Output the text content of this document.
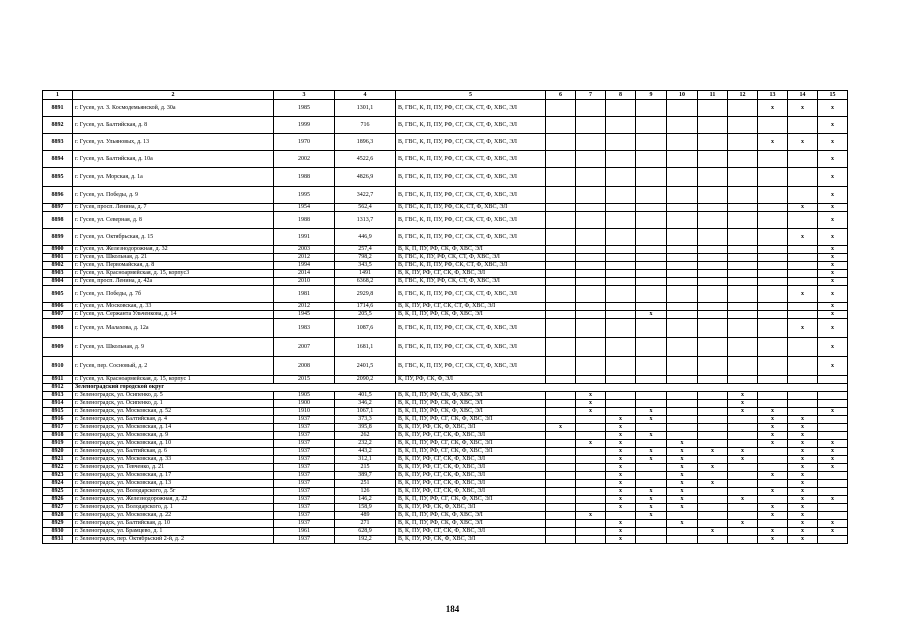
1	2	3	4	5	6	7	8	9	10	11	12	13	14	15
8891	г. Гусев, ул. З. Космодемьянской, д. 30а	1985	1301,1	В, ГВС, К, П, ПУ, РФ, СГ, СК, СТ, Ф, ХВС, ЭЛ								х	х	х
8892	г. Гусев, ул. Балтийская, д. 8	1999	716	В, ГВС, К, П, ПУ, РФ, СГ, СК, СТ, Ф, ХВС, ЭЛ										х
8893	г. Гусев, ул. Ульяновых, д. 13	1970	1896,3	В, ГВС, К, П, ПУ, РФ, СГ, СК, СТ, Ф, ХВС, ЭЛ								х	х	х
8894	г. Гусев, ул. Балтийская, д. 10а	2002	4522,6	В, ГВС, К, П, ПУ, РФ, СГ, СК, СТ, Ф, ХВС, ЭЛ										х
8895	г. Гусев, ул. Морская, д. 1а	1988	4826,9	В, ГВС, К, П, ПУ, РФ, СГ, СК, СТ, Ф, ХВС, ЭЛ										х
8896	г. Гусев, ул. Победы, д. 9	1995	3422,7	В, ГВС, К, П, ПУ, РФ, СГ, СК, СТ, Ф, ХВС, ЭЛ										х
8897	г. Гусев, просп. Ленина, д. 7	1954	562,4	В, ГВС, К, П, ПУ, РФ, СК, СТ, Ф, ХВС, ЭЛ									х	х
8898	г. Гусев, ул. Северная, д. 8	1988	1313,7	В, ГВС, К, П, ПУ, РФ, СГ, СК, СТ, Ф, ХВС, ЭЛ										х
8899	г. Гусев, ул. Октябрьская, д. 15	1991	446,9	В, ГВС, К, П, ПУ, РФ, СГ, СК, СТ, Ф, ХВС, ЭЛ									х	х
8900	г. Гусев, ул. Железнодорожная, д. 32	2003	257,4	В, К, П, ПУ, РФ, СК, Ф, ХВС, ЭЛ										х
8901	г. Гусев, ул. Школьная, д. 21	2012	798,2	В, ГВС, К, ПУ, РФ, СК, СТ, Ф, ХВС, ЭЛ										х
8902	г. Гусев, ул. Первомайская, д. 8	1994	343,5	В, ГВС, К, П, ПУ, РФ, СК, СТ, Ф, ХВС, ЭЛ										х
8903	г. Гусев, ул. Красноармейская, д. 15, корпус3	2014	1491	В, К, ПУ, РФ, СГ, СК, Ф, ХВС, ЭЛ										х
8904	г. Гусев, просп. Ленина, д. 42а	2010	6368,2	В, ГВС, К, ПУ, РФ, СК, СТ, Ф, ХВС, ЭЛ										х
8905	г. Гусев, ул. Победы, д. 7б	1981	2929,8	В, ГВС, К, П, ПУ, РФ, СГ, СК, СТ, Ф, ХВС, ЭЛ									х	х
8906	г. Гусев, ул. Московская, д. 33	2012	1714,6	В, К, ПУ, РФ, СГ, СК, СТ, Ф, ХВС, ЭЛ										х
8907	г. Гусев, ул. Сержанта Ульченкова, д. 14	1945	205,5	В, К, П, ПУ, РФ, СК, Ф, ХВС, ЭЛ				х						х
8908	г. Гусев, ул. Малахова, д. 12а	1983	1087,6	В, ГВС, К, П, ПУ, РФ, СГ, СК, СТ, Ф, ХВС, ЭЛ									х	х
8909	г. Гусев, ул. Школьная, д. 9	2007	1681,1	В, ГВС, К, П, ПУ, РФ, СГ, СК, СТ, Ф, ХВС, ЭЛ										х
8910	г. Гусев, пер. Сосновый, д. 2	2008	2401,5	В, ГВС, К, П, ПУ, РФ, СГ, СК, СТ, Ф, ХВС, ЭЛ										х
8911	г. Гусев, ул. Красноармейская, д. 15, корпус 1	2015	2090,2	К, ПУ, РФ, СК, Ф, ЭЛ										
8912	Зеленоградский городской округ													
8913	г. Зеленоградск, ул. Осипенко, д. 5	1905	401,5	В, К, П, ПУ, РФ, СК, Ф, ХВС, ЭЛ		х					х			
8914	г. Зеленоградск, ул. Осипенко, д. 1	1900	346,2	В, К, П, ПУ, РФ, СК, Ф, ХВС, ЭЛ		х					х			
8915	г. Зеленоградск, ул. Московская, д. 52	1910	1067,1	В, К, П, ПУ, РФ, СК, Ф, ХВС, ЭЛ		х		х			х	х		х
8916	г. Зеленоградск, ул. Балтийская, д. 4	1937	373,3	В, К, П, ПУ, РФ, СГ, СК, Ф, ХВС, ЭЛ			х	х				х	х	
8917	г. Зеленоградск, ул. Московская, д. 14	1937	395,8	В, К, ПУ, РФ, СК, Ф, ХВС, ЭЛ	х		х					х	х	
8918	г. Зеленоградск, ул. Московская, д. 9	1937	262	В, К, ПУ, РФ, СГ, СК, Ф, ХВС, ЭЛ			х	х				х	х	
8919	г. Зеленоградск, ул. Московская, д. 10	1937	232,2	В, К, П, ПУ, РФ, СГ, СК, Ф, ХВС, ЭЛ		х	х		х			х	х	х
8920	г. Зеленоградск, ул. Балтийская, д. 6	1937	443,2	В, К, П, ПУ, РФ, СГ, СК, Ф, ХВС, ЭЛ			х	х	х	х	х		х	х
8921	г. Зеленоградск, ул. Московская, д. 33	1937	312,1	В, К, ПУ, РФ, СГ, СК, Ф, ХВС, ЭЛ			х	х	х		х		х	х
8922	г. Зеленоградск, ул. Тевченко, д. 21	1937	215	В, К, ПУ, РФ, СГ, СК, Ф, ХВС, ЭЛ			х		х	х			х	х
8923	г. Зеленоградск, ул. Московская, д. 17	1937	389,7	В, К, ПУ, РФ, СГ, СК, Ф, ХВС, ЭЛ			х		х			х	х	
8924	г. Зеленоградск, ул. Московская, д. 13	1937	251	В, К, ПУ, РФ, СГ, СК, Ф, ХВС, ЭЛ			х		х	х			х	
8925	г. Зеленоградск, ул. Володарского, д. 5г	1937	126	В, К, ПУ, РФ, СГ, СК, Ф, ХВС, ЭЛ			х	х	х			х	х	
8926	г. Зеленоградск, ул. Железнодорожная, д. 22	1937	146,2	В, К, П, ПУ, РФ, СГ, СК, Ф, ХВС, ЭЛ			х	х	х		х		х	х
8927	г. Зеленоградск, ул. Володарского, д. 1	1937	158,9	В, К, ПУ, РФ, СК, Ф, ХВС, ЭЛ			х	х	х			х	х	
8928	г. Зеленоградск, ул. Московская, д. 22	1937	489	В, К, П, ПУ, РФ, СК, Ф, ХВС, ЭЛ		х		х				х	х	
8929	г. Зеленоградск, ул. Балтийская, д. 10	1937	271	В, К, П, ПУ, РФ, СК, Ф, ХВС, ЭЛ			х		х		х		х	х
8930	г. Зеленоградск, ул. Брамцево, д. 1	1961	628,9	В, К, ПУ, РФ, СГ, СК, Ф, ХВС, ЭЛ			х			х		х	х	х
8931	г. Зеленоградск, пер. Октябрьский 2-й, д. 2	1937	192,2	В, К, ПУ, РФ, СК, Ф, ХВС, ЭЛ			х					х	х	
184
